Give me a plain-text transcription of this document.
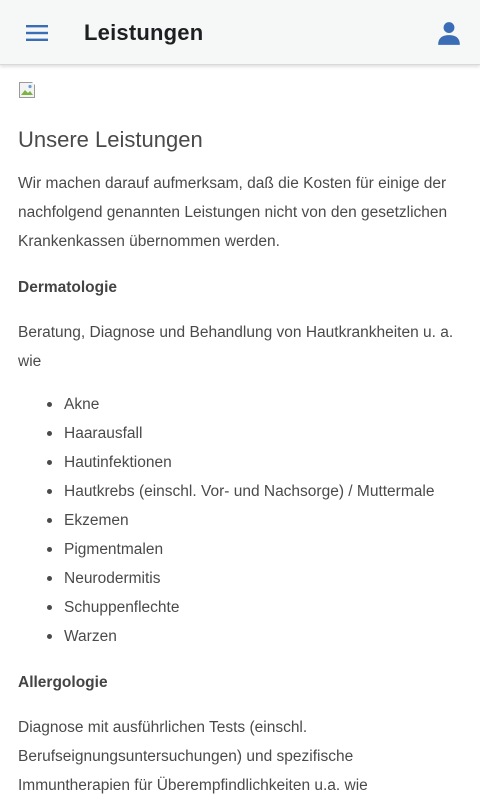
Leistungen
Unsere Leistungen

Wir machen darauf aufmerksam, daß die Kosten für einige der nachfolgend genannten Leistungen nicht von den gesetzlichen Krankenkassen übernommen werden.

Dermatologie

Beratung, Diagnose und Behandlung von Hautkrankheiten u. a. wie

Akne
Haarausfall
Hautinfektionen
Hautkrebs (einschl. Vor- und Nachsorge) / Muttermale
Ekzemen
Pigmentmalen
Neurodermitis
Schuppenflechte
Warzen
Allergologie

Diagnose mit ausführlichen Tests (einschl. Berufseignungsuntersuchungen) und spezifische Immuntherapien für Überempfindlichkeiten u.a. wie
